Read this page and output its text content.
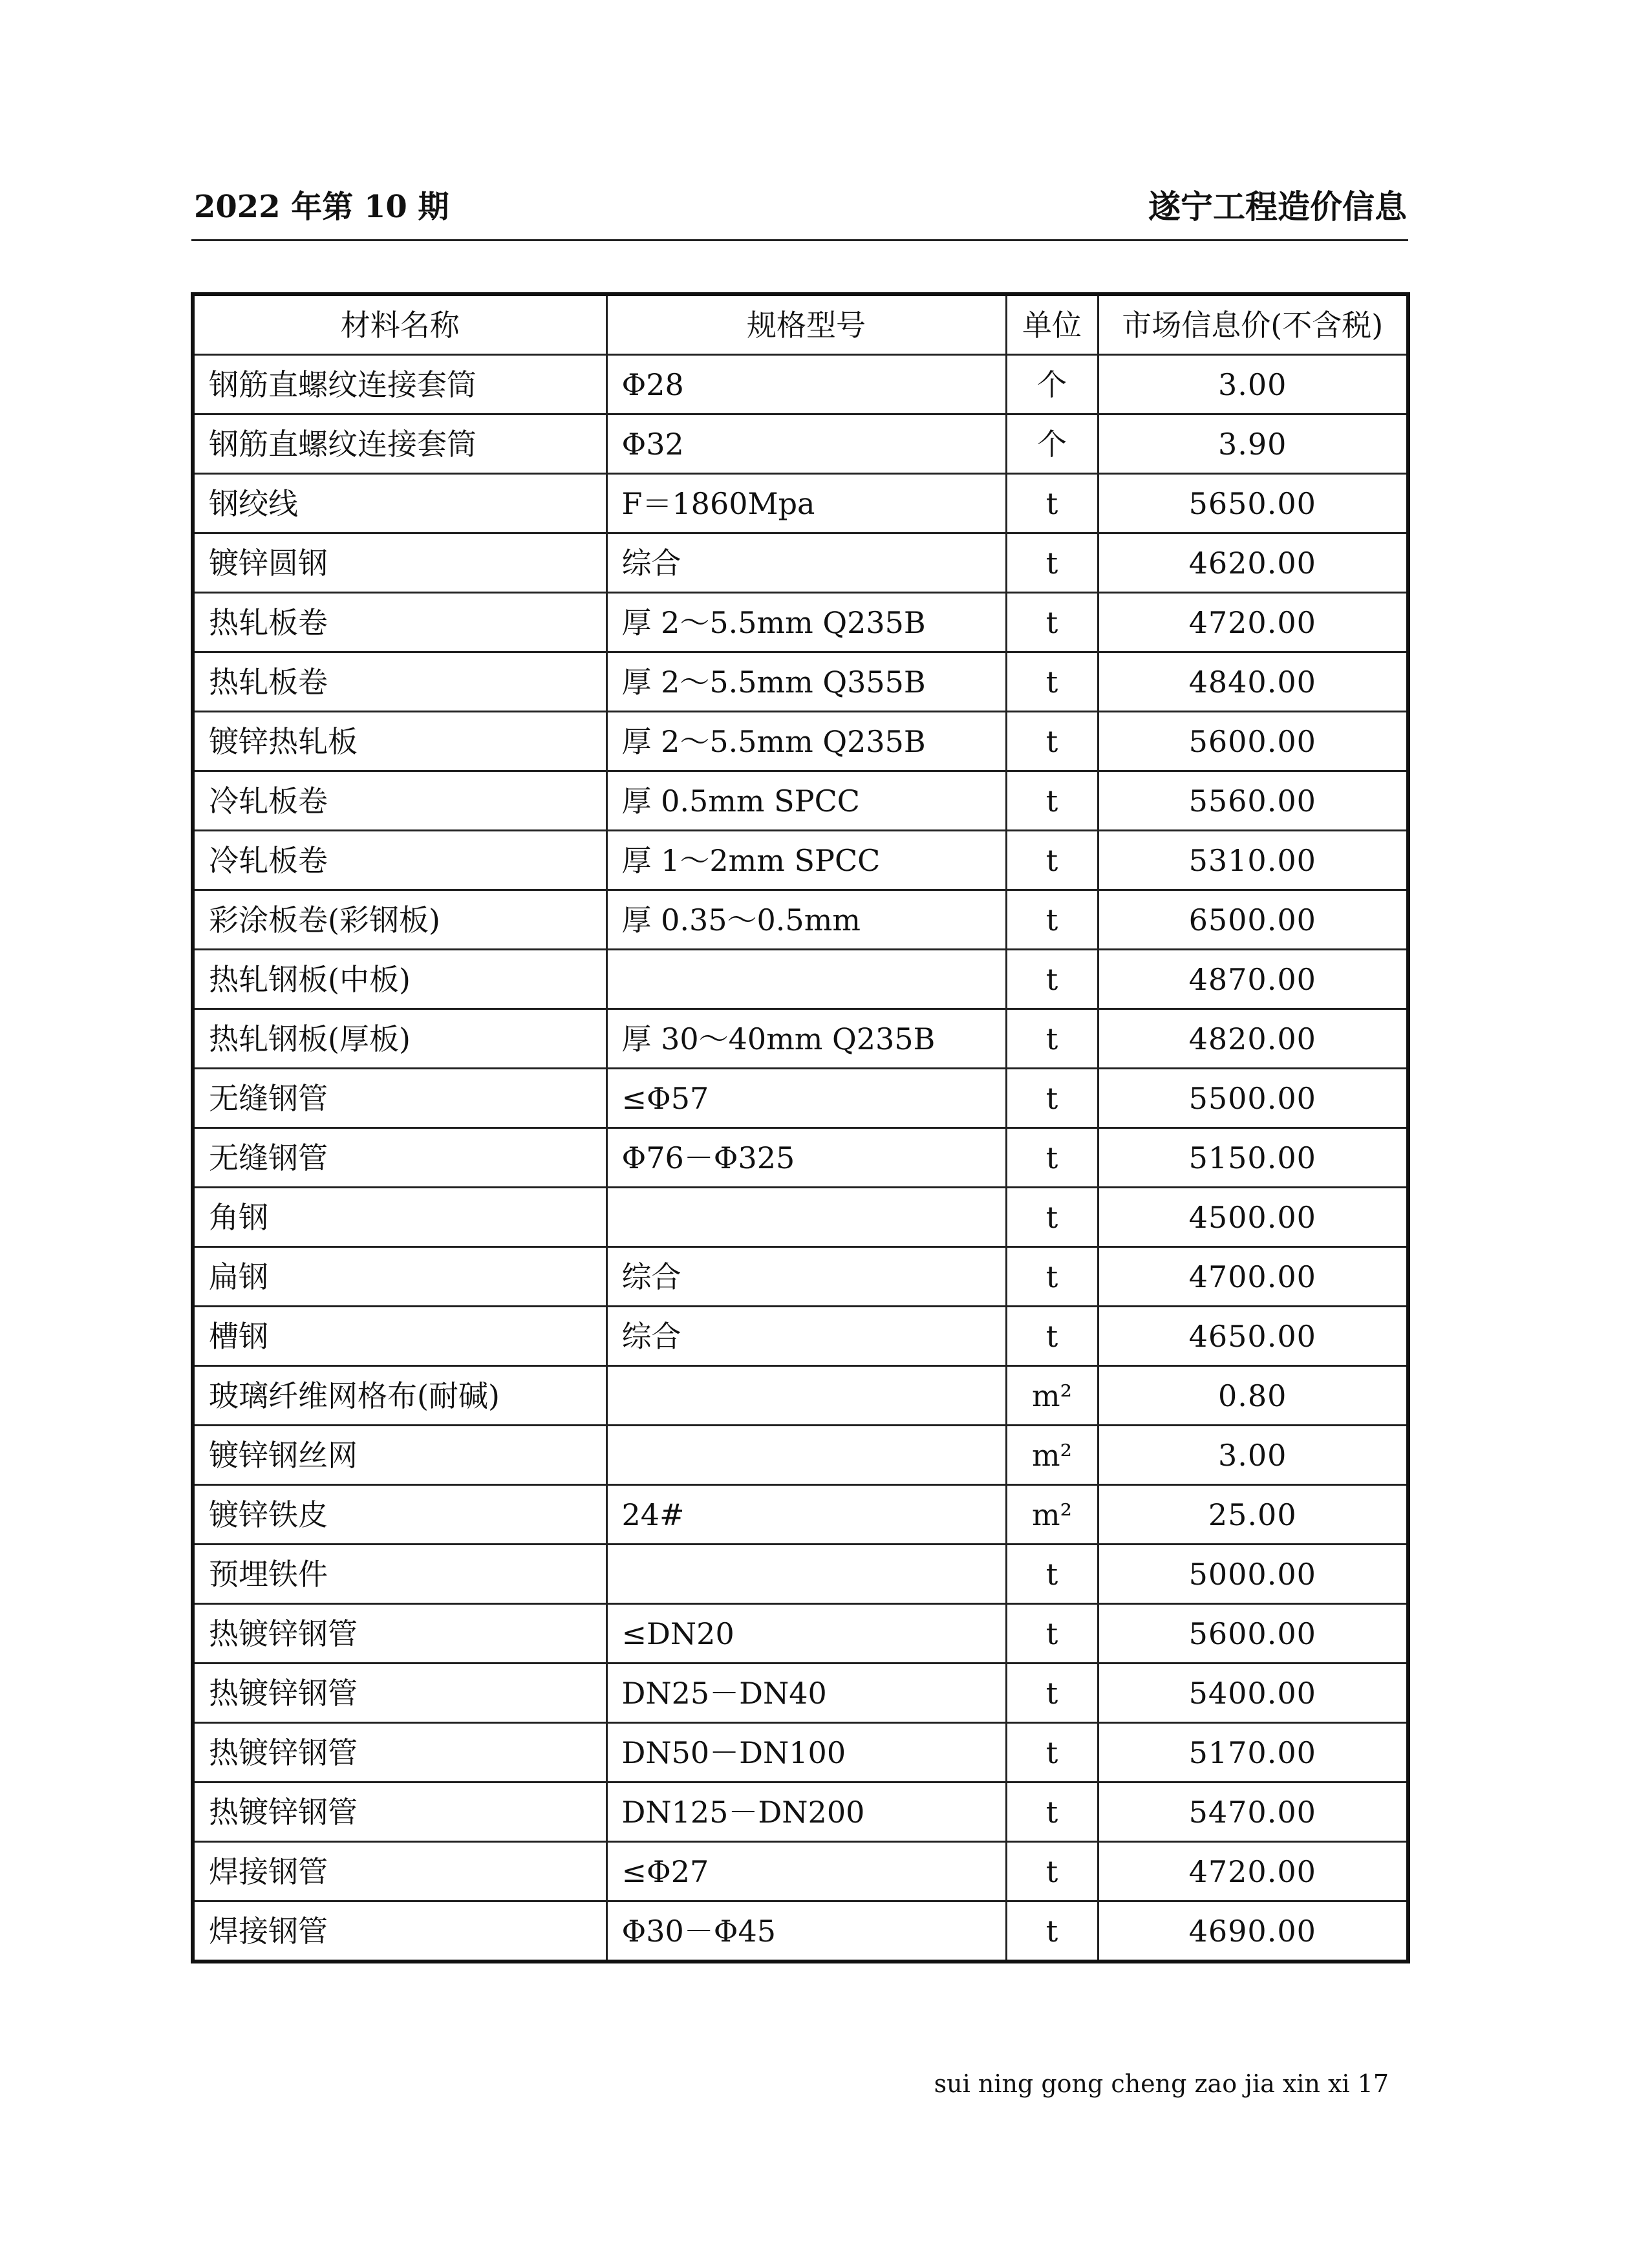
2022 年第 10 期	遂宁工程造价信息
材料名称	规格型号	单位	市场信息价(不含税)
钢筋直螺纹连接套筒	Φ28	个	3.00
钢筋直螺纹连接套筒	Φ32	个	3.90
钢绞线	F＝1860Mpa	t	5650.00
镀锌圆钢	综合	t	4620.00
热轧板卷	厚 2～5.5mm Q235B	t	4720.00
热轧板卷	厚 2～5.5mm Q355B	t	4840.00
镀锌热轧板	厚 2～5.5mm Q235B	t	5600.00
冷轧板卷	厚 0.5mm SPCC	t	5560.00
冷轧板卷	厚 1～2mm SPCC	t	5310.00
彩涂板卷(彩钢板)	厚 0.35～0.5mm	t	6500.00
热轧钢板(中板)		t	4870.00
热轧钢板(厚板)	厚 30～40mm Q235B	t	4820.00
无缝钢管	≤Φ57	t	5500.00
无缝钢管	Φ76－Φ325	t	5150.00
角钢		t	4500.00
扁钢	综合	t	4700.00
槽钢	综合	t	4650.00
玻璃纤维网格布(耐碱)		m²	0.80
镀锌钢丝网		m²	3.00
镀锌铁皮	24#	m²	25.00
预埋铁件		t	5000.00
热镀锌钢管	≤DN20	t	5600.00
热镀锌钢管	DN25－DN40	t	5400.00
热镀锌钢管	DN50－DN100	t	5170.00
热镀锌钢管	DN125－DN200	t	5470.00
焊接钢管	≤Φ27	t	4720.00
焊接钢管	Φ30－Φ45	t	4690.00
sui ning gong cheng zao jia xin xi 17
